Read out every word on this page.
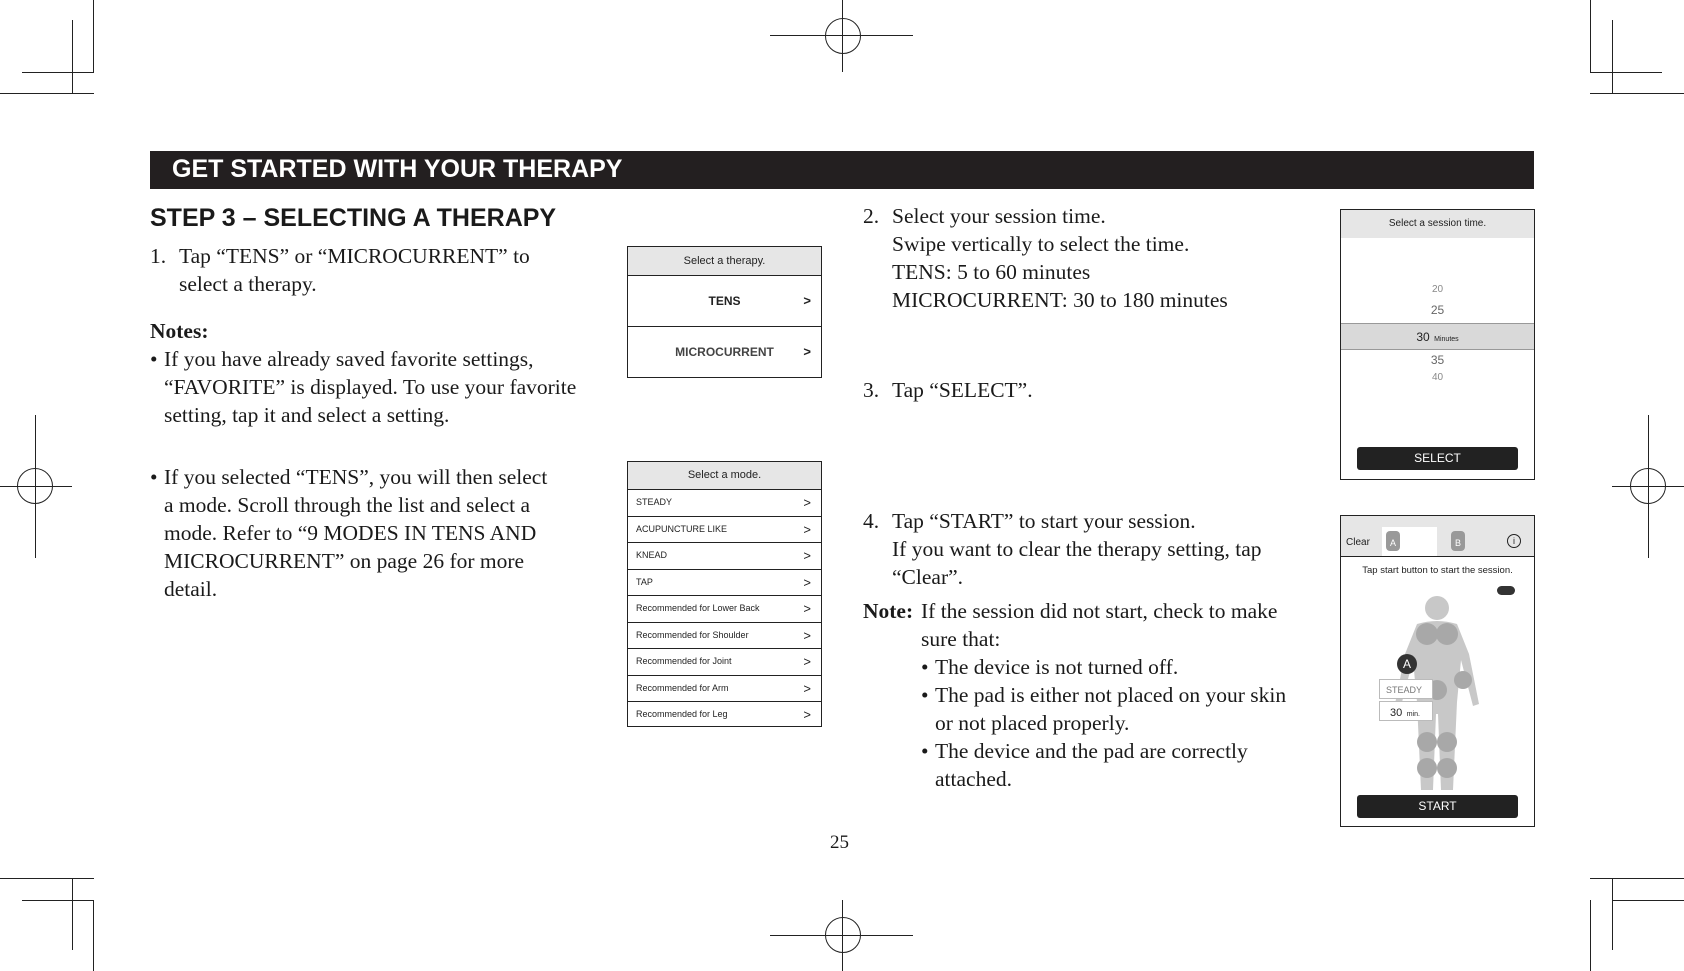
GET STARTED WITH YOUR THERAPY
STEP 3 – SELECTING A THERAPY
1. Tap “TENS” or “MICROCURRENT” to
select a therapy.
Notes:
• If you have already saved favorite settings,
“FAVORITE” is displayed. To use your favorite
setting, tap it and select a setting.
• If you selected “TENS”, you will then select
a mode. Scroll through the list and select a
mode. Refer to “9 MODES IN TENS AND
MICROCURRENT” on page 26 for more
detail.
Select a therapy.
TENS	>
MICROCURRENT >
Select a mode.
STEADY	>
ACUPUNCTURE LIKE	>
KNEAD	>
TAP	>
Recommended for Lower Back	>
Recommended for Shoulder	>
Recommended for Joint	>
Recommended for Arm	>
Recommended for Leg	>
2. Select your session time.
Swipe vertically to select the time.
TENS: 5 to 60 minutes
MICROCURRENT: 30 to 180 minutes
3. Tap “SELECT”.
4. Tap “START” to start your session.
If you want to clear the therapy setting, tap
“Clear”.
Note: If the session did not start, check to make
sure that:
• The device is not turned off.
• The pad is either not placed on your skin
or not placed properly.
• The device and the pad are correctly
attached.
Select a session time.
20
25
30 Minutes
35
40
SELECT
Clear	A	B	i
Tap start button to start the session.
A
STEADY
30 min.
START
25
